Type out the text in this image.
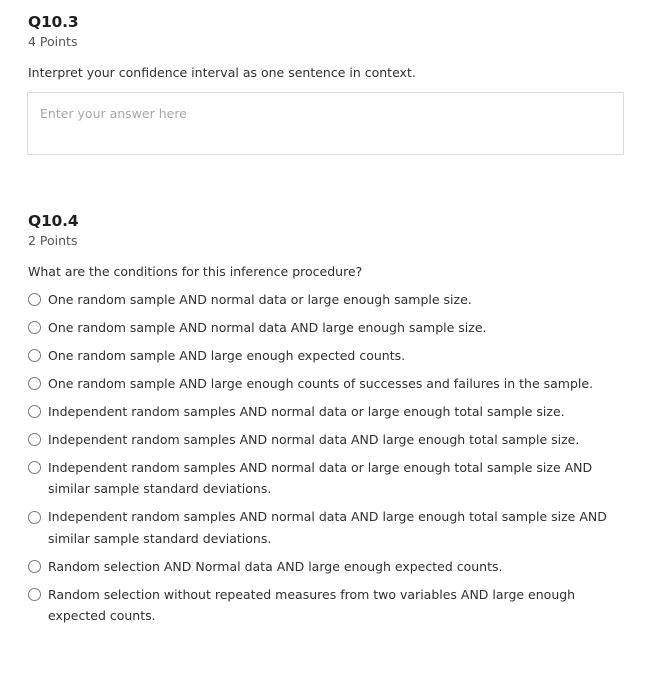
Q10.3
4 Points
Interpret your confidence interval as one sentence in context.
Enter your answer here
Q10.4
2 Points
What are the conditions for this inference procedure?
One random sample AND normal data or large enough sample size.
One random sample AND normal data AND large enough sample size.
One random sample AND large enough expected counts.
One random sample AND large enough counts of successes and failures in the sample.
Independent random samples AND normal data or large enough total sample size.
Independent random samples AND normal data AND large enough total sample size.
Independent random samples AND normal data or large enough total sample size AND similar sample standard deviations.
Independent random samples AND normal data AND large enough total sample size AND similar sample standard deviations.
Random selection AND Normal data AND large enough expected counts.
Random selection without repeated measures from two variables AND large enough expected counts.
